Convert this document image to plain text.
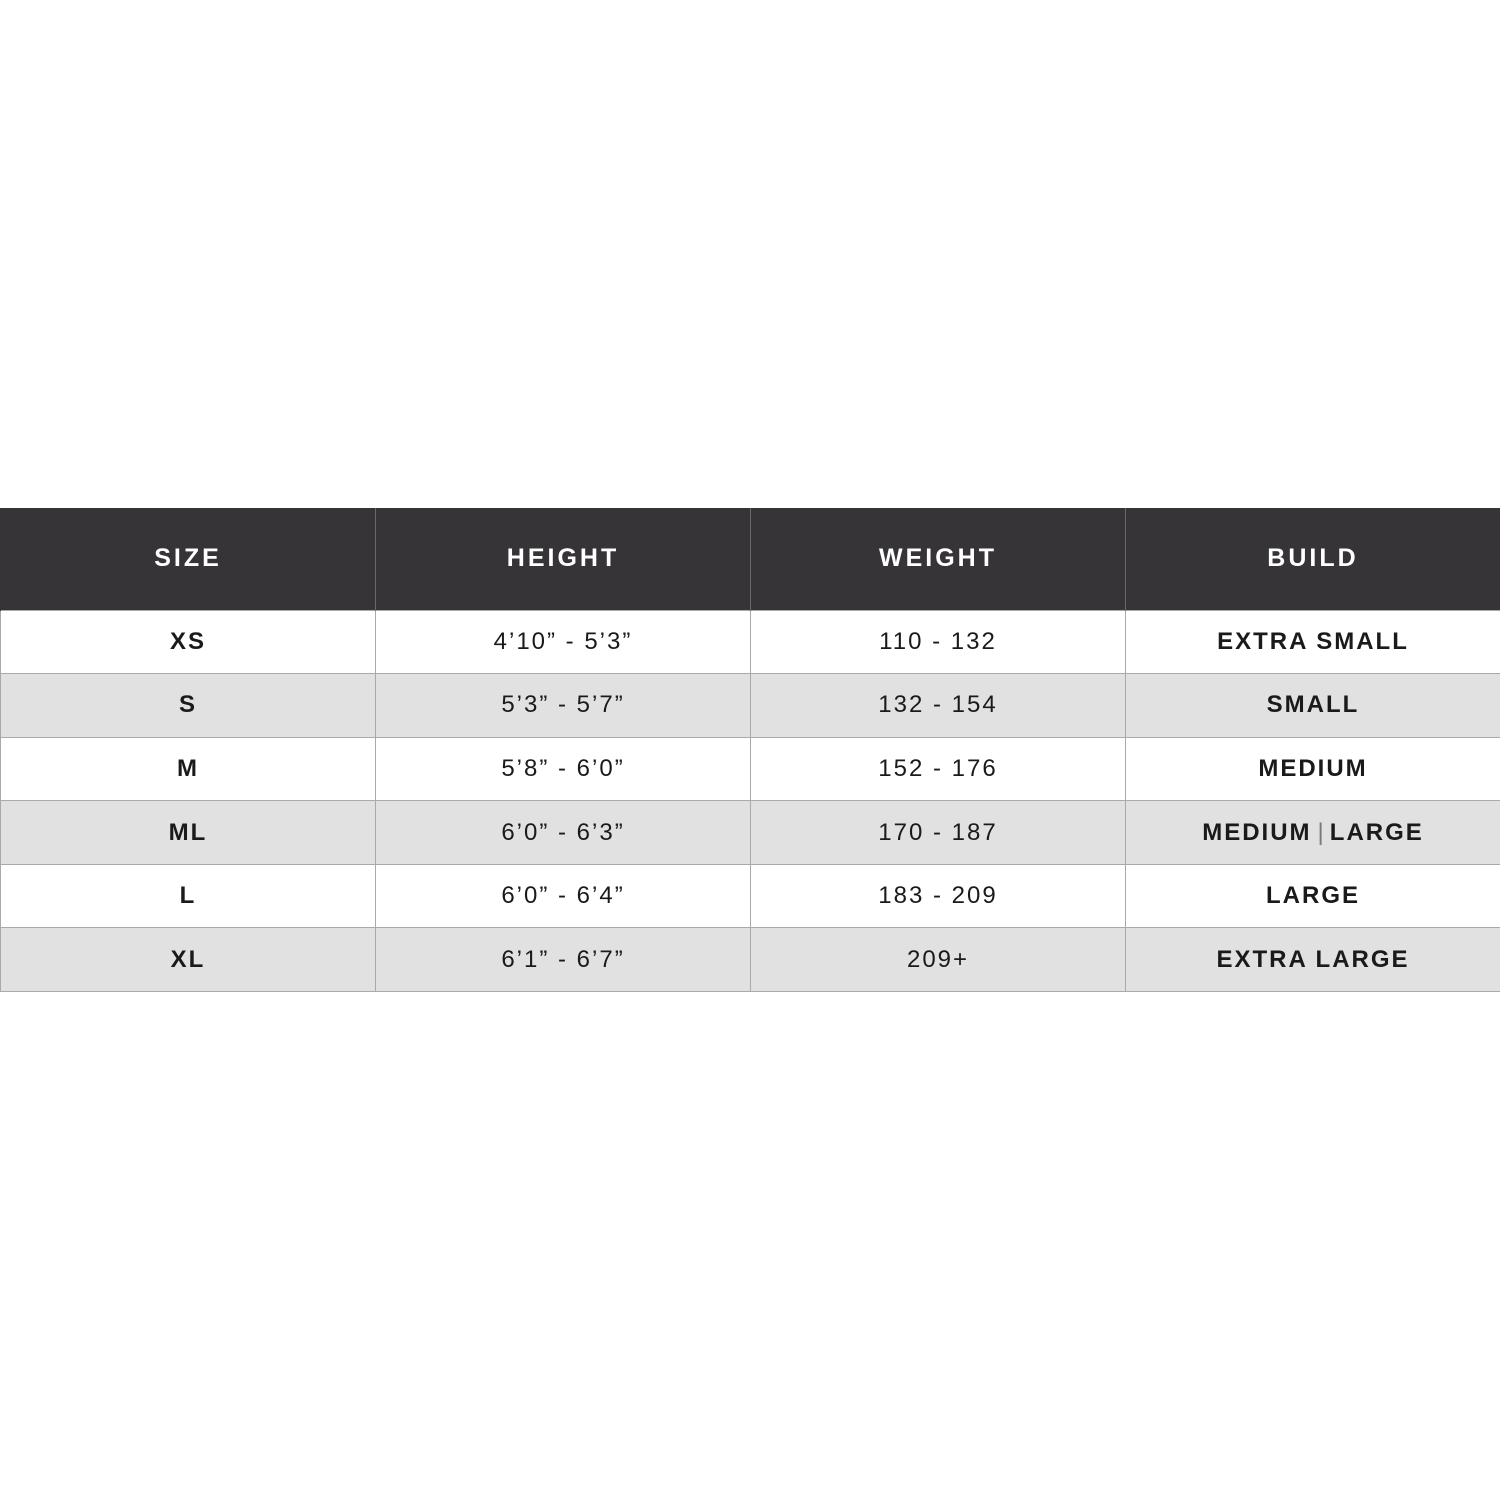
SIZE	HEIGHT	WEIGHT	BUILD
XS	4’10” - 5’3”	110 - 132	EXTRA SMALL
S	5’3” - 5’7”	132 - 154	SMALL
M	5’8” - 6’0”	152 - 176	MEDIUM
ML	6’0” - 6’3”	170 - 187	MEDIUM | LARGE
L	6’0” - 6’4”	183 - 209	LARGE
XL	6’1” - 6’7”	209+	EXTRA LARGE
